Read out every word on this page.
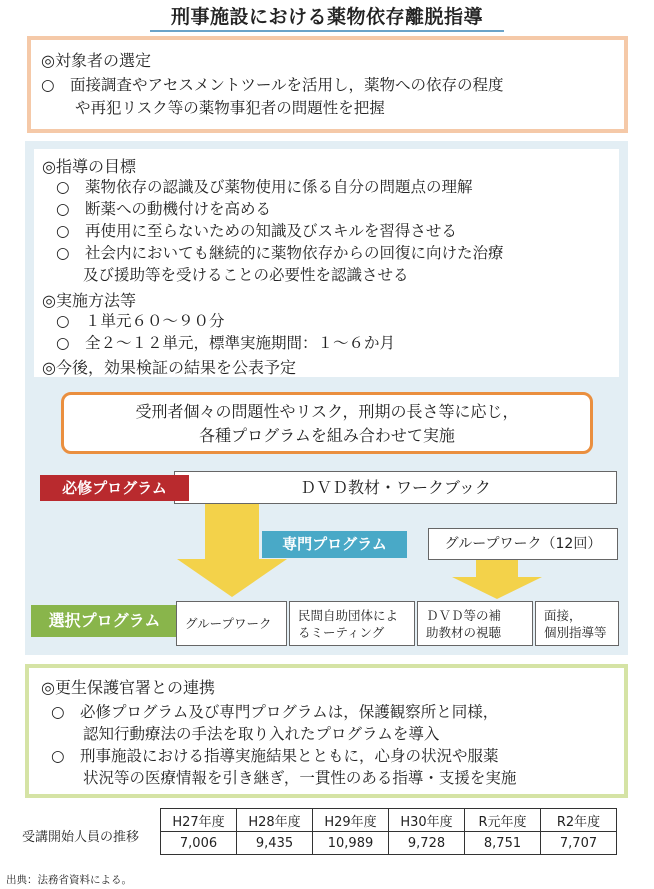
刑事施設における薬物依存離脱指導
◎対象者の選定
○　面接調査やアセスメントツールを活用し，薬物への依存の程度
や再犯リスク等の薬物事犯者の問題性を把握
◎指導の目標
○　薬物依存の認識及び薬物使用に係る自分の問題点の理解
○　断薬への動機付けを高める
○　再使用に至らないための知識及びスキルを習得させる
○　社会内においても継続的に薬物依存からの回復に向けた治療
及び援助等を受けることの必要性を認識させる
◎実施方法等
○　１単元６０～９０分
○　全２～１２単元，標準実施期間：１～６か月
◎今後，効果検証の結果を公表予定
受刑者個々の問題性やリスク，刑期の長さ等に応じ，
各種プログラムを組み合わせて実施
ＤＶＤ教材・ワークブック
必修プログラム
グループワーク（12回）
専門プログラム
選択プログラム	グループワーク
民間自助団体によ
るミーティング
ＤＶＤ等の補
助教材の視聴
面接，
個別指導等
◎更生保護官署との連携
○　必修プログラム及び専門プログラムは，保護観察所と同様，
認知行動療法の手法を取り入れたプログラムを導入
○　刑事施設における指導実施結果とともに，心身の状況や服薬
状況等の医療情報を引き継ぎ，一貫性のある指導・支援を実施
受講開始人員の推移
H27年度	H28年度	H29年度	H30年度	R元年度	R2年度
7,006	9,435	10,989	9,728	8,751	7,707
出典：法務省資料による。
